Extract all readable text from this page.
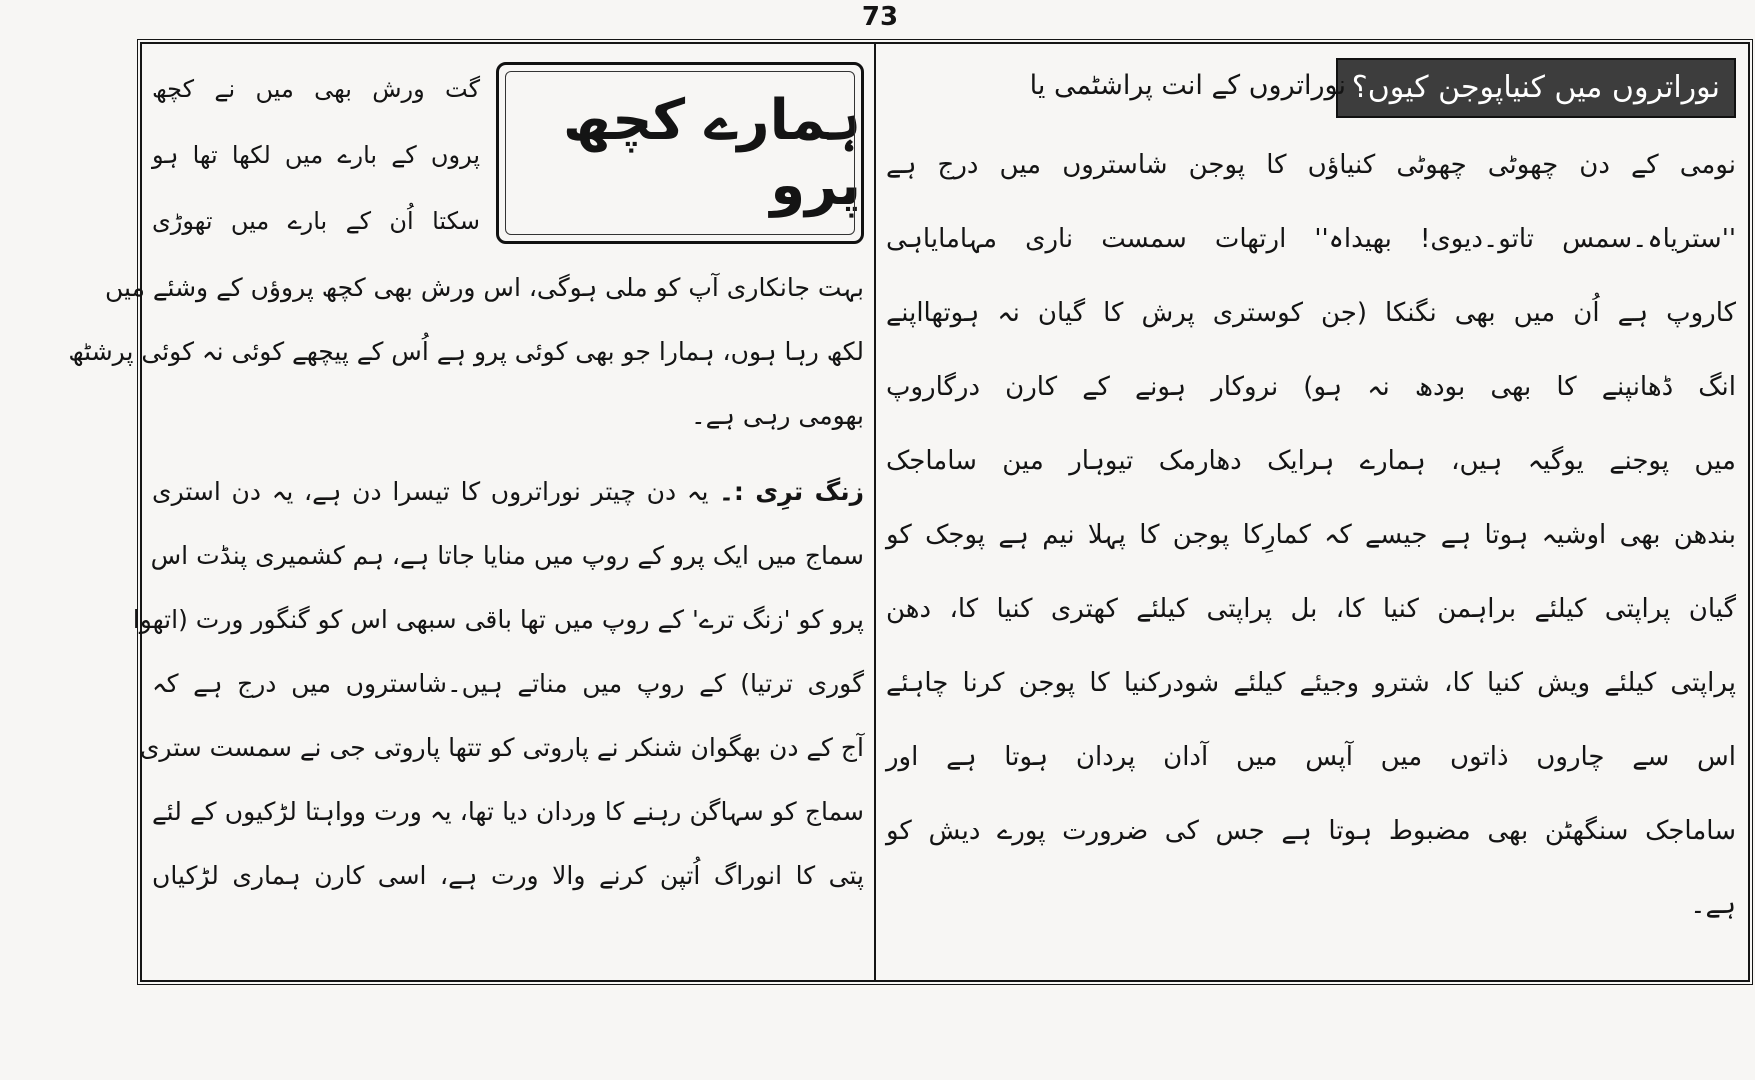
73
نوراتروں میں کنیاپوجن کیوں؟
نوراتروں کے انت پراشٹمی یا
نومی کے دن چھوٹی چھوٹی کنیاؤں کا پوجن شاستروں میں درج ہے
''ستریاہ۔سمس تاتو۔دیوی! بھیداہ'' ارتھات سمست ناری مہامایاہی
کاروپ ہے اُن میں بھی نگنکا (جن کوستری پرش کا گیان نہ ہوتھااپنے
انگ ڈھانپنے کا بھی بودھ نہ ہو) نروکار ہونے کے کارن درگاروپ
میں پوجنے یوگیہ ہیں، ہمارے ہرایک دھارمک تیوہار مین ساماجک
بندھن بھی اوشیہ ہوتا ہے جیسے کہ کمارِکا پوجن کا پہلا نیم ہے پوجک کو
گیان پراپتی کیلئے براہمن کنیا کا، بل پراپتی کیلئے کھتری کنیا کا، دھن
پراپتی کیلئے ویش کنیا کا، شترو وجیئے کیلئے شودرکنیا کا پوجن کرنا چاہئے
اس سے چاروں ذاتوں میں آپس میں آدان پردان ہوتا ہے اور
ساماجک سنگھٹن بھی مضبوط ہوتا ہے جس کی ضرورت پورے دیش کو
ہے۔
ہمارے کچھ پرو
گت ورش بھی میں نے کچھ
پروں کے بارے میں لکھا تھا ہو
سکتا اُن کے بارے میں تھوڑی
بہت جانکاری آپ کو ملی ہوگی، اس ورش بھی کچھ پروؤں کے وشئے میں
لکھ رہا ہوں، ہمارا جو بھی کوئی پرو ہے اُس کے پیچھے کوئی نہ کوئی پرشٹھ
بھومی رہی ہے۔
زنگ ترِی :۔ یہ دن چیتر نوراتروں کا تیسرا دن ہے، یہ دن استری
سماج میں ایک پرو کے روپ میں منایا جاتا ہے، ہم کشمیری پنڈت اس
پرو کو 'زنگ ترے' کے روپ میں تھا باقی سبھی اس کو گنگور ورت (اتھوا
گوری ترتیا) کے روپ میں مناتے ہیں۔شاستروں میں درج ہے کہ
آج کے دن بھگوان شنکر نے پاروتی کو تتھا پاروتی جی نے سمست ستری
سماج کو سہاگن رہنے کا وردان دیا تھا، یہ ورت وواہتا لڑکیوں کے لئے
پتی کا انوراگ اُتپن کرنے والا ورت ہے، اسی کارن ہماری لڑکیاں
